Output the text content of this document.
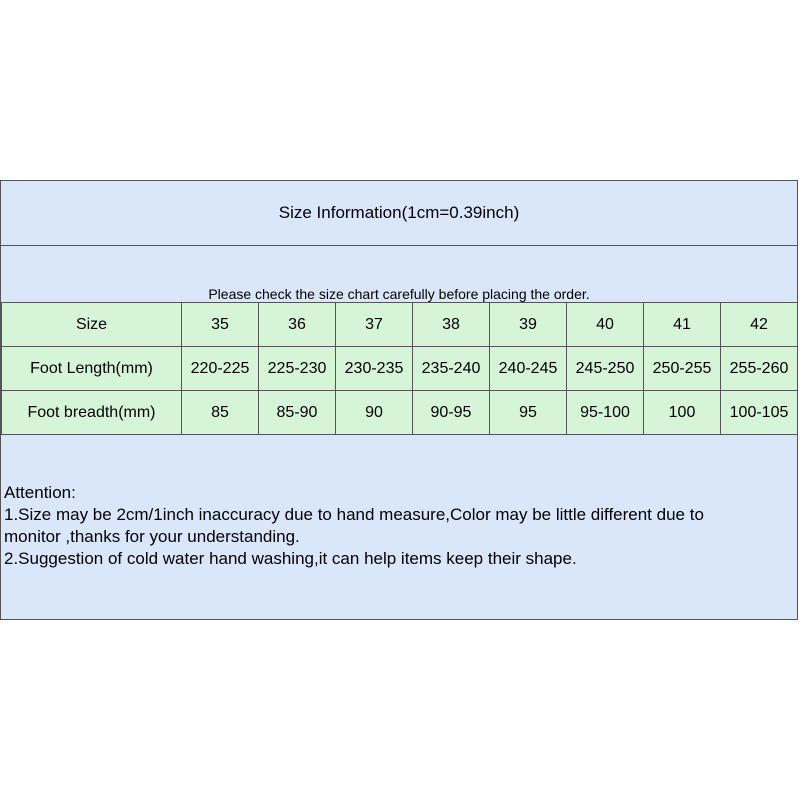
Size Information(1cm=0.39inch)
Please check the size chart carefully before placing the order.
Size	35	36	37	38	39	40	41	42
Foot Length(mm)	220-225	225-230	230-235	235-240	240-245	245-250	250-255	255-260
Foot breadth(mm)	85	85-90	90	90-95	95	95-100	100	100-105
Attention:
1.Size may be 2cm/1inch inaccuracy due to hand measure,Color may be little different due to
monitor ,thanks for your understanding.
2.Suggestion of cold water hand washing,it can help items keep their shape.
